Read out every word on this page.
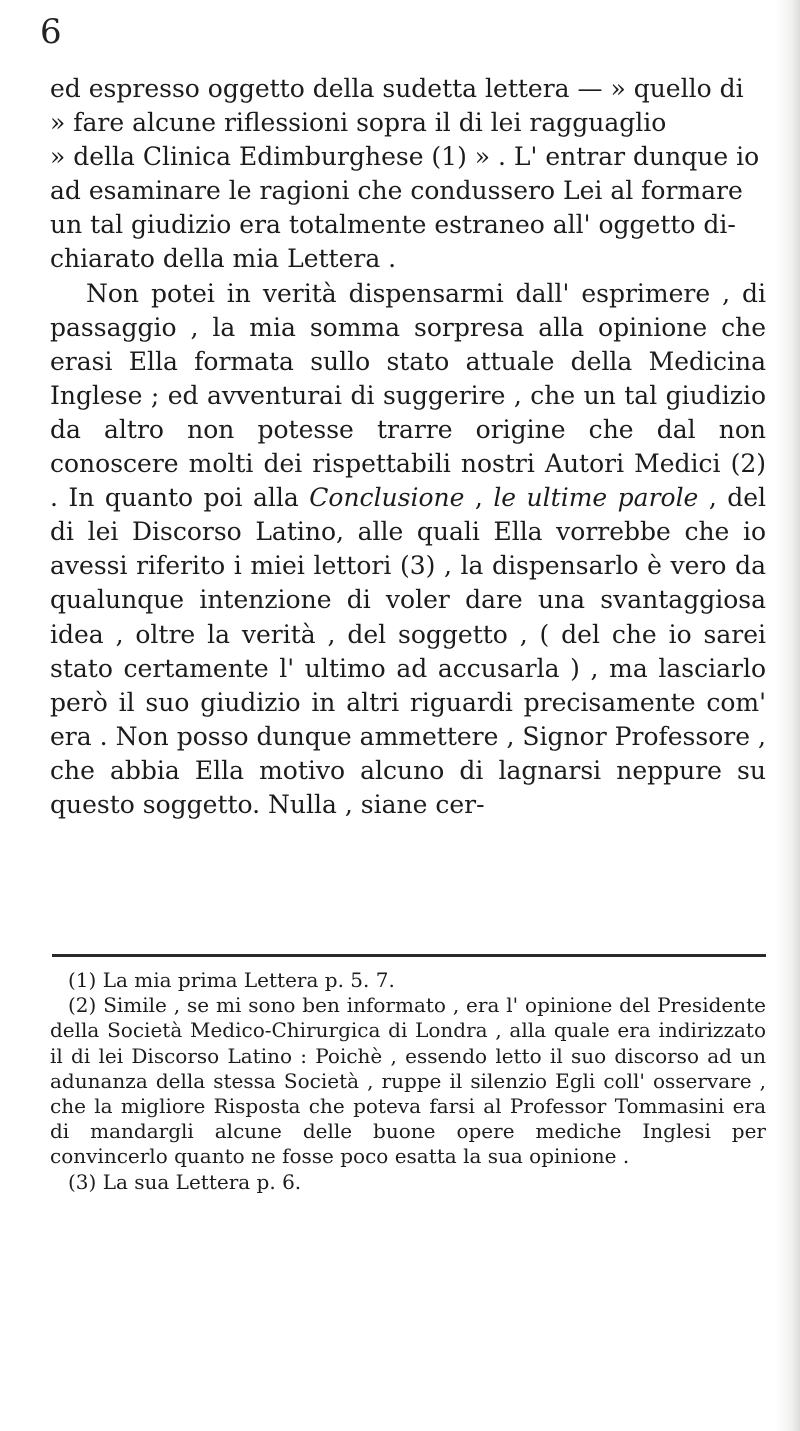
6

ed espresso oggetto della sudetta lettera — » quello di
» fare alcune riflessioni sopra il di lei ragguaglio
» della Clinica Edimburghese (1) » . L' entrar dunque io
ad esaminare le ragioni che condussero Lei al formare
un tal giudizio era totalmente estraneo all' oggetto di-
chiarato della mia Lettera .

Non potei in verità dispensarmi dall' esprimere , di passaggio , la mia somma sorpresa alla opinione che erasi Ella formata sullo stato attuale della Medicina Inglese ; ed avventurai di suggerire , che un tal giudizio da altro non potesse trarre origine che dal non conoscere molti dei rispettabili nostri Autori Medici (2) . In quanto poi alla Conclusione , le ultime parole , del di lei Discorso Latino, alle quali Ella vorrebbe che io avessi riferito i miei lettori (3) , la dispensarlo è vero da qualunque intenzione di voler dare una svantaggiosa idea , oltre la verità , del soggetto , ( del che io sarei stato certamente l' ultimo ad accusarla ) , ma lasciarlo però il suo giudizio in altri riguardi precisamente com' era . Non posso dunque ammettere , Signor Professore , che abbia Ella motivo alcuno di lagnarsi neppure su questo soggetto. Nulla , siane cer-

(1) La mia prima Lettera p. 5. 7.

(2) Simile , se mi sono ben informato , era l' opinione del Presidente della Società Medico-Chirurgica di Londra , alla quale era indirizzato il di lei Discorso Latino : Poichè , essendo letto il suo discorso ad un adunanza della stessa Società , ruppe il silenzio Egli coll' osservare , che la migliore Risposta che poteva farsi al Professor Tommasini era di mandargli alcune delle buone opere mediche Inglesi per convincerlo quanto ne fosse poco esatta la sua opinione .

(3) La sua Lettera p. 6.
